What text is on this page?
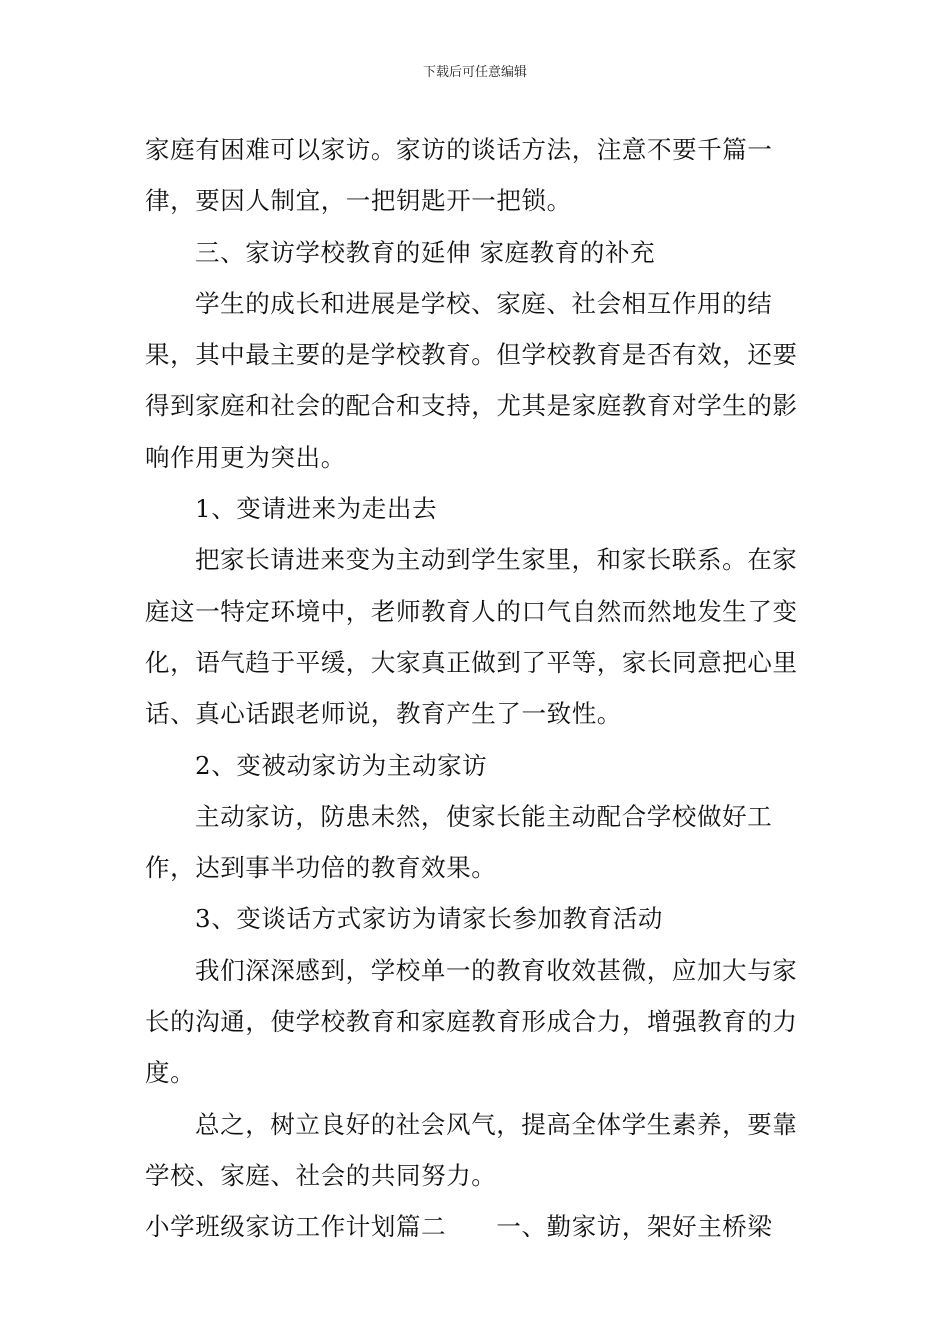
下载后可任意编辑

家庭有困难可以家访。家访的谈话方法，注意不要千篇一律，要因人制宜，一把钥匙开一把锁。

三、家访学校教育的延伸 家庭教育的补充

学生的成长和进展是学校、家庭、社会相互作用的结果，其中最主要的是学校教育。但学校教育是否有效，还要得到家庭和社会的配合和支持，尤其是家庭教育对学生的影响作用更为突出。

1、变请进来为走出去

把家长请进来变为主动到学生家里，和家长联系。在家庭这一特定环境中，老师教育人的口气自然而然地发生了变化，语气趋于平缓，大家真正做到了平等，家长同意把心里话、真心话跟老师说，教育产生了一致性。

2、变被动家访为主动家访

主动家访，防患未然，使家长能主动配合学校做好工作，达到事半功倍的教育效果。

3、变谈话方式家访为请家长参加教育活动

我们深深感到，学校单一的教育收效甚微，应加大与家长的沟通，使学校教育和家庭教育形成合力，增强教育的力度。

总之，树立良好的社会风气，提高全体学生素养，要靠学校、家庭、社会的共同努力。

小学班级家访工作计划篇二　　 一、勤家访，架好主桥梁
